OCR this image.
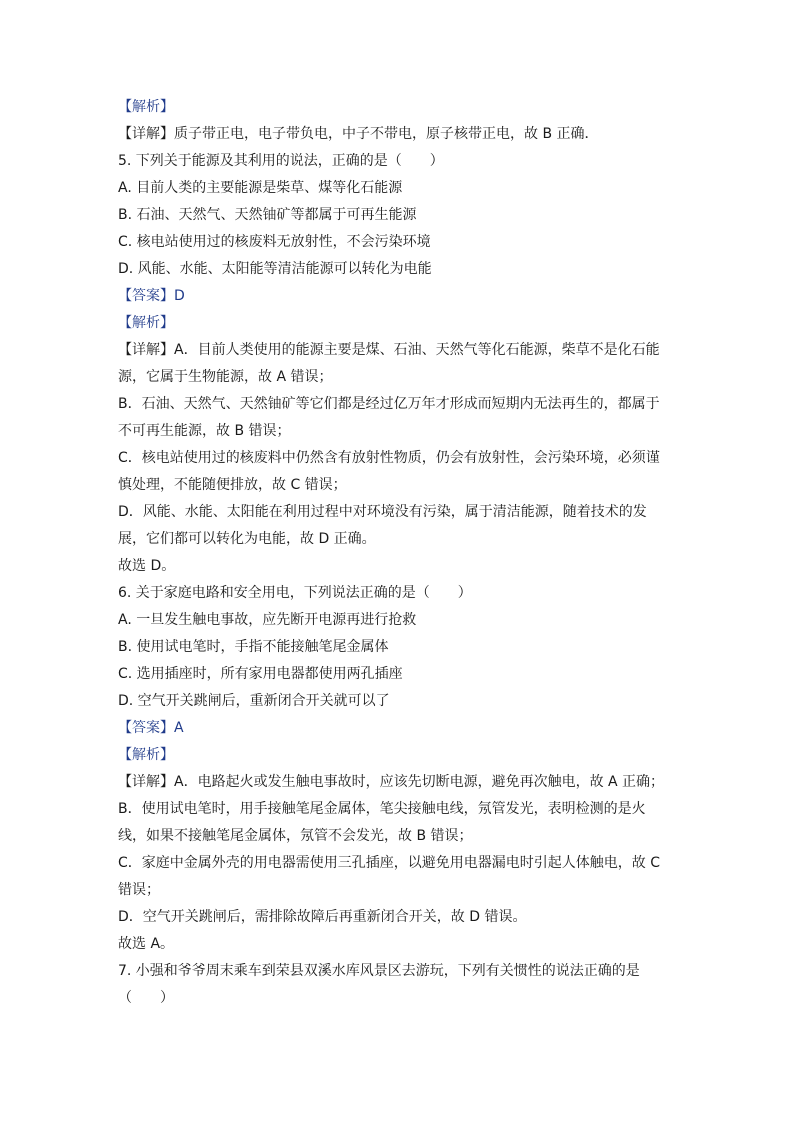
【解析】
【详解】质子带正电，电子带负电，中子不带电，原子核带正电，故 B 正确．
5. 下列关于能源及其利用的说法，正确的是（　　）
A. 目前人类的主要能源是柴草、煤等化石能源
B. 石油、天然气、天然铀矿等都属于可再生能源
C. 核电站使用过的核废料无放射性，不会污染环境
D. 风能、水能、太阳能等清洁能源可以转化为电能
【答案】D
【解析】
【详解】A．目前人类使用的能源主要是煤、石油、天然气等化石能源，柴草不是化石能
源，它属于生物能源，故 A 错误；
B．石油、天然气、天然铀矿等它们都是经过亿万年才形成而短期内无法再生的，都属于
不可再生能源，故 B 错误；
C．核电站使用过的核废料中仍然含有放射性物质，仍会有放射性，会污染环境，必须谨
慎处理，不能随便排放，故 C 错误；
D．风能、水能、太阳能在利用过程中对环境没有污染，属于清洁能源，随着技术的发
展，它们都可以转化为电能，故 D 正确。
故选 D。
6. 关于家庭电路和安全用电，下列说法正确的是（　　）
A. 一旦发生触电事故，应先断开电源再进行抢救
B. 使用试电笔时，手指不能接触笔尾金属体
C. 选用插座时，所有家用电器都使用两孔插座
D. 空气开关跳闸后，重新闭合开关就可以了
【答案】A
【解析】
【详解】A．电路起火或发生触电事故时，应该先切断电源，避免再次触电，故 A 正确；
B．使用试电笔时，用手接触笔尾金属体，笔尖接触电线，氖管发光，表明检测的是火
线，如果不接触笔尾金属体，氖管不会发光，故 B 错误；
C．家庭中金属外壳的用电器需使用三孔插座，以避免用电器漏电时引起人体触电，故 C
错误；
D．空气开关跳闸后，需排除故障后再重新闭合开关，故 D 错误。
故选 A。
7. 小强和爷爷周末乘车到荣县双溪水库风景区去游玩，下列有关惯性的说法正确的是
（　　）
